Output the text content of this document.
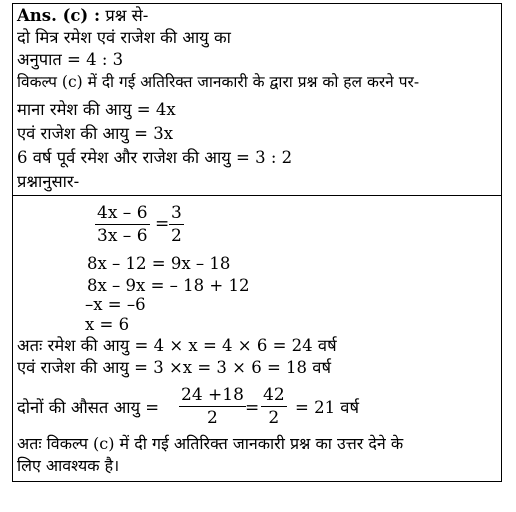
Ans. (c) : प्रश्न से-
दो मित्र रमेश एवं राजेश की आयु का
अनुपात = 4 : 3
विकल्प (c) में दी गई अतिरिक्त जानकारी के द्वारा प्रश्न को हल करने पर-
माना रमेश की आयु = 4x
एवं राजेश की आयु = 3x
6 वर्ष पूर्व रमेश और राजेश की आयु = 3 : 2
प्रश्नानुसार-
$\frac{4x - 6}{3x - 6} = \frac{3}{2}$
8x – 12 = 9x – 18
8x – 9x = – 18 + 12
–x = –6
x = 6
अतः रमेश की आयु = 4 × x = 4 × 6 = 24 वर्ष
एवं राजेश की आयु = 3 ×x = 3 × 6 = 18 वर्ष
दोनों की औसत आयु = $\frac{24 +18}{2} = \frac{42}{2} = 21$ वर्ष
अतः विकल्प (c) में दी गई अतिरिक्त जानकारी प्रश्न का उत्तर देने के
लिए आवश्यक है।
